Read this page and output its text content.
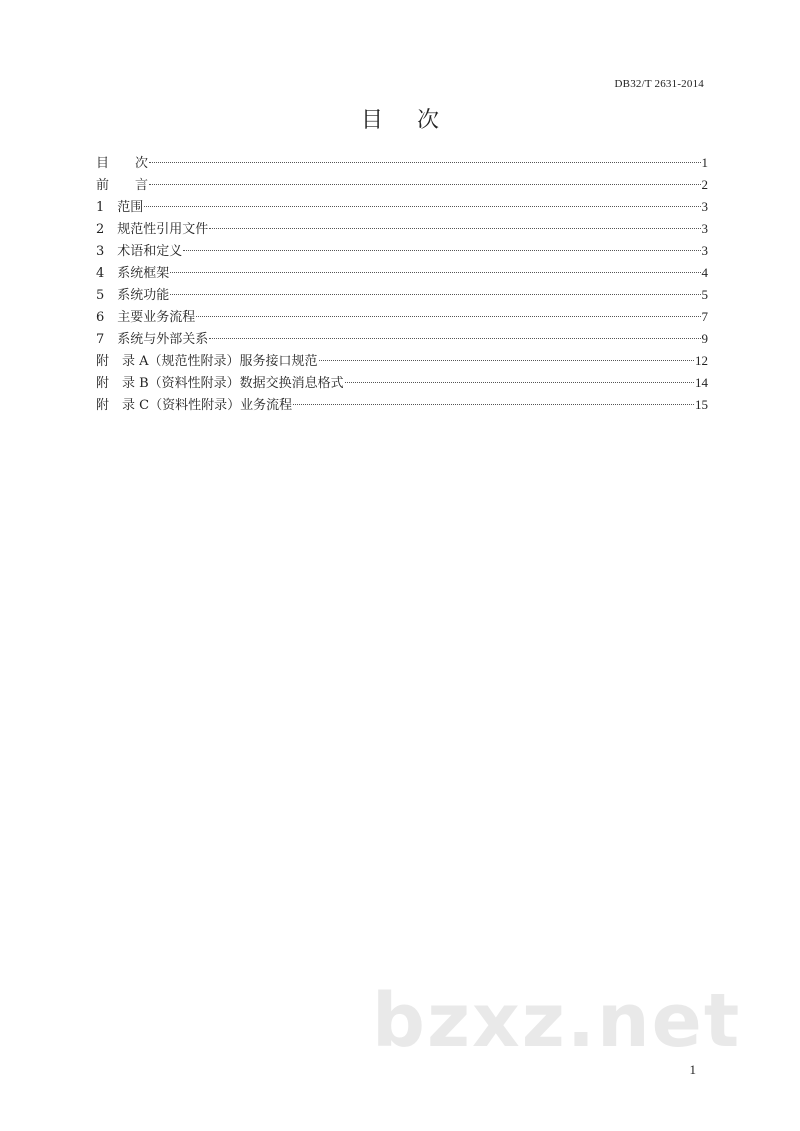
DB32/T 2631-2014
目次
目　　次	1
前　　言	2
1　范围	3
2　规范性引用文件	3
3　术语和定义	3
4　系统框架	4
5　系统功能	5
6　主要业务流程	7
7　系统与外部关系	9
附　录 A（规范性附录）服务接口规范	12
附　录 B（资料性附录）数据交换消息格式	14
附　录 C（资料性附录）业务流程	15
bzxz.net
1
